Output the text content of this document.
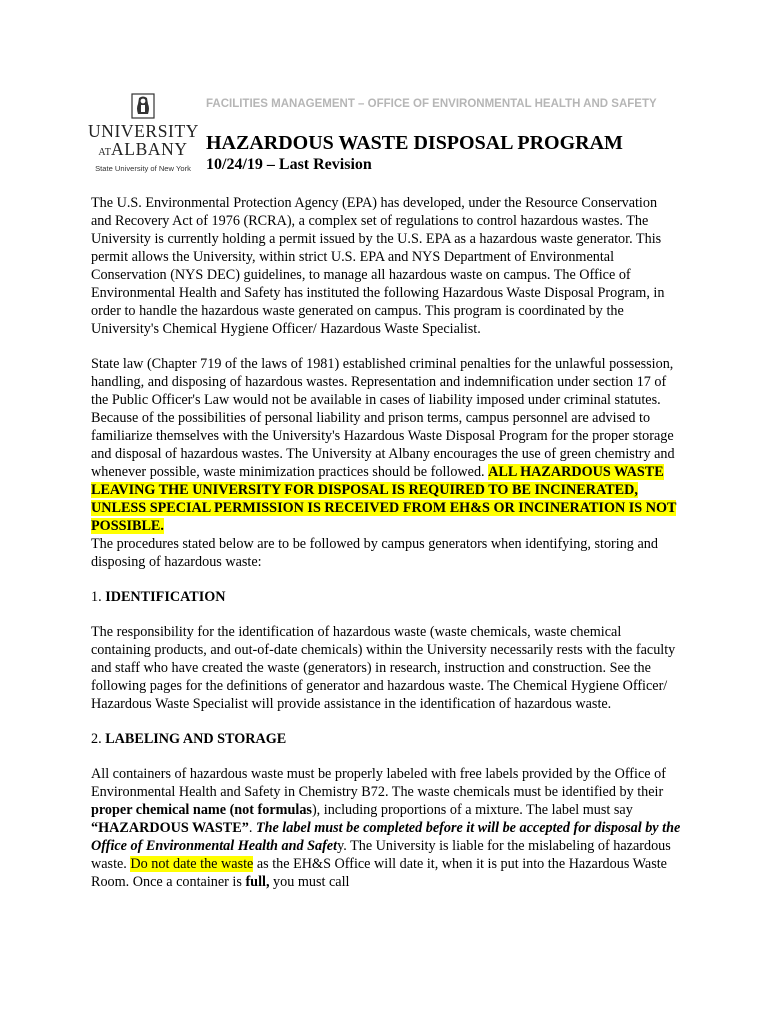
UNIVERSITY
ATALBANY
State University of New York
FACILITIES MANAGEMENT – OFFICE OF ENVIRONMENTAL HEALTH AND SAFETY
HAZARDOUS WASTE DISPOSAL PROGRAM
10/24/19 – Last Revision

The U.S. Environmental Protection Agency (EPA) has developed, under the Resource Conservation and Recovery Act of 1976 (RCRA), a complex set of regulations to control hazardous wastes. The University is currently holding a permit issued by the U.S. EPA as a hazardous waste generator. This permit allows the University, within strict U.S. EPA and NYS Department of Environmental Conservation (NYS DEC) guidelines, to manage all hazardous waste on campus. The Office of Environmental Health and Safety has instituted the following Hazardous Waste Disposal Program, in order to handle the hazardous waste generated on campus. This program is coordinated by the University's Chemical Hygiene Officer/ Hazardous Waste Specialist.

State law (Chapter 719 of the laws of 1981) established criminal penalties for the unlawful possession, handling, and disposing of hazardous wastes. Representation and indemnification under section 17 of the Public Officer's Law would not be available in cases of liability imposed under criminal statutes. Because of the possibilities of personal liability and prison terms, campus personnel are advised to familiarize themselves with the University's Hazardous Waste Disposal Program for the proper storage and disposal of hazardous wastes. The University at Albany encourages the use of green chemistry and whenever possible, waste minimization practices should be followed. ALL HAZARDOUS WASTE LEAVING THE UNIVERSITY FOR DISPOSAL IS REQUIRED TO BE INCINERATED, UNLESS SPECIAL PERMISSION IS RECEIVED FROM EH&S OR INCINERATION IS NOT POSSIBLE.
The procedures stated below are to be followed by campus generators when identifying, storing and disposing of hazardous waste:

1. IDENTIFICATION

The responsibility for the identification of hazardous waste (waste chemicals, waste chemical containing products, and out-of-date chemicals) within the University necessarily rests with the faculty and staff who have created the waste (generators) in research, instruction and construction. See the following pages for the definitions of generator and hazardous waste. The Chemical Hygiene Officer/ Hazardous Waste Specialist will provide assistance in the identification of hazardous waste.

2. LABELING AND STORAGE

All containers of hazardous waste must be properly labeled with free labels provided by the Office of Environmental Health and Safety in Chemistry B72. The waste chemicals must be identified by their proper chemical name (not formulas), including proportions of a mixture. The label must say “HAZARDOUS WASTE”. The label must be completed before it will be accepted for disposal by the Office of Environmental Health and Safety. The University is liable for the mislabeling of hazardous waste. Do not date the waste as the EH&S Office will date it, when it is put into the Hazardous Waste Room. Once a container is full, you must call
